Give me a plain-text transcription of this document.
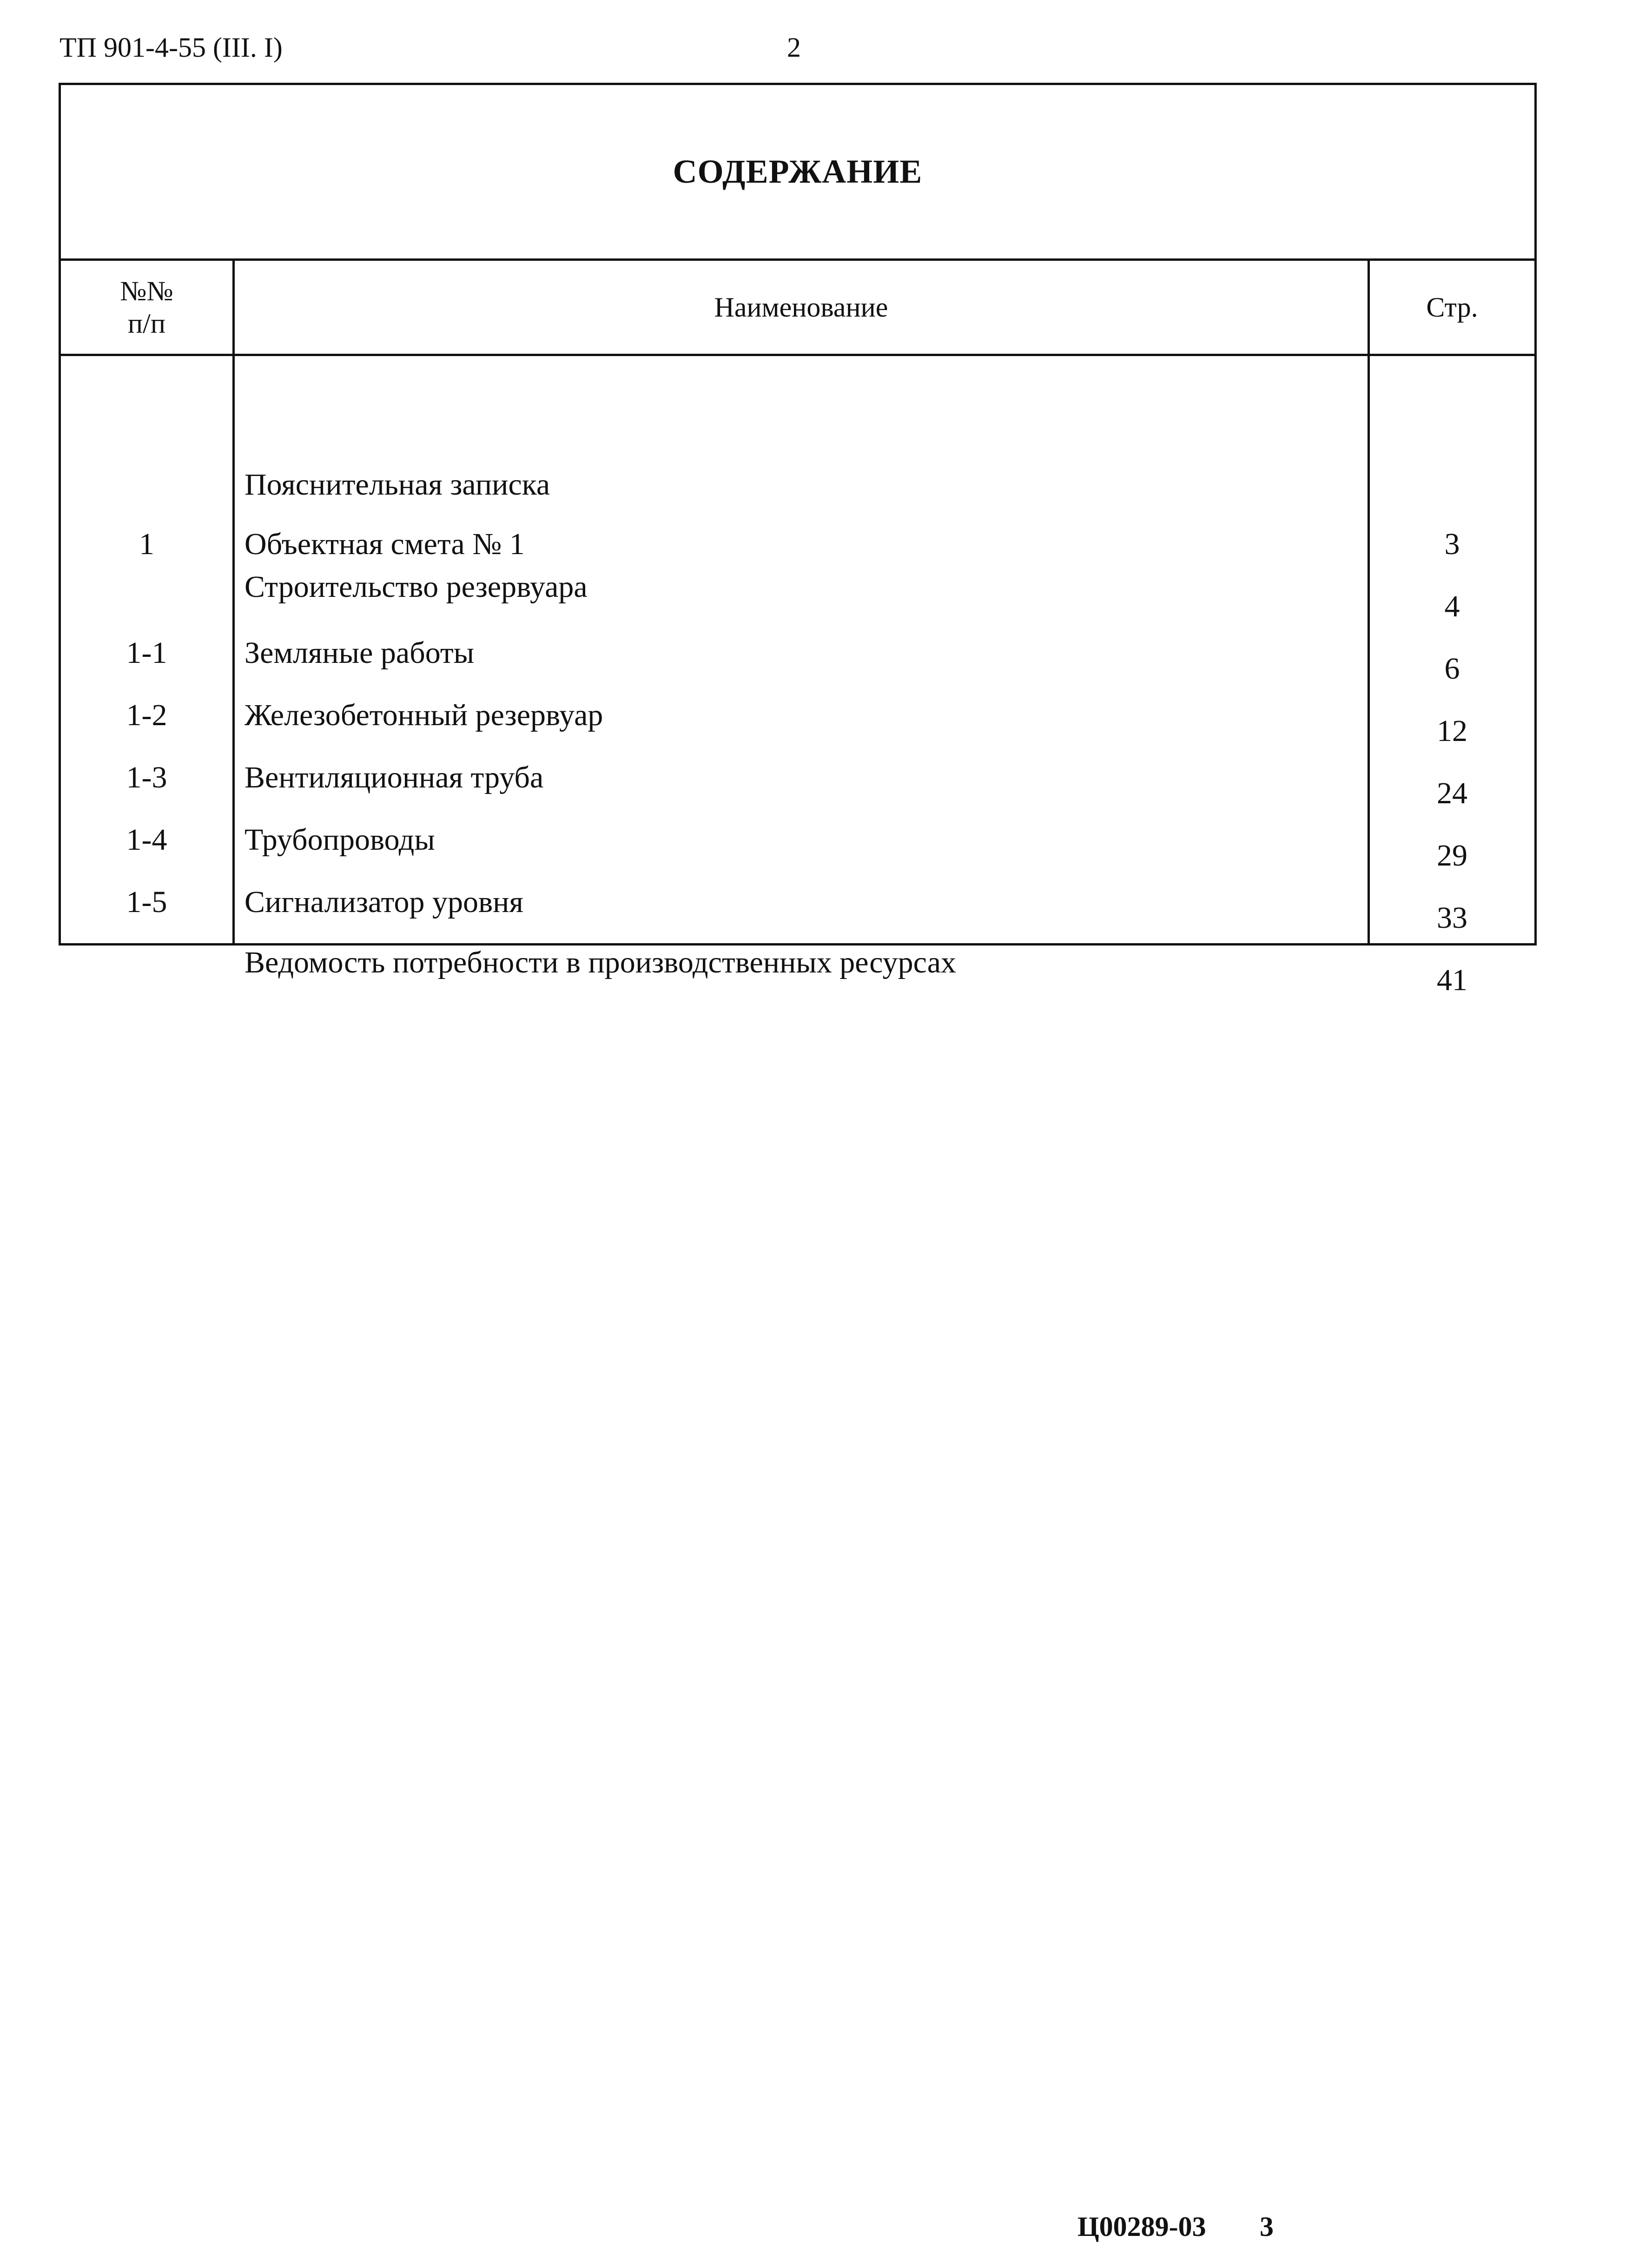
ТП 901-4-55 (III. I)	2
СОДЕРЖАНИЕ
№№
п/п
Наименование	Стр.
1
1-1
1-2
1-3
1-4
1-5
Пояснительная записка
Объектная смета № 1
Строительство резервуара
Земляные работы
Железобетонный резервуар
Вентиляционная труба
Трубопроводы
Сигнализатор уровня
Ведомость потребности в производственных ресурсах
3
4
6
12
24
29
33
41
Ц00289-03 3
